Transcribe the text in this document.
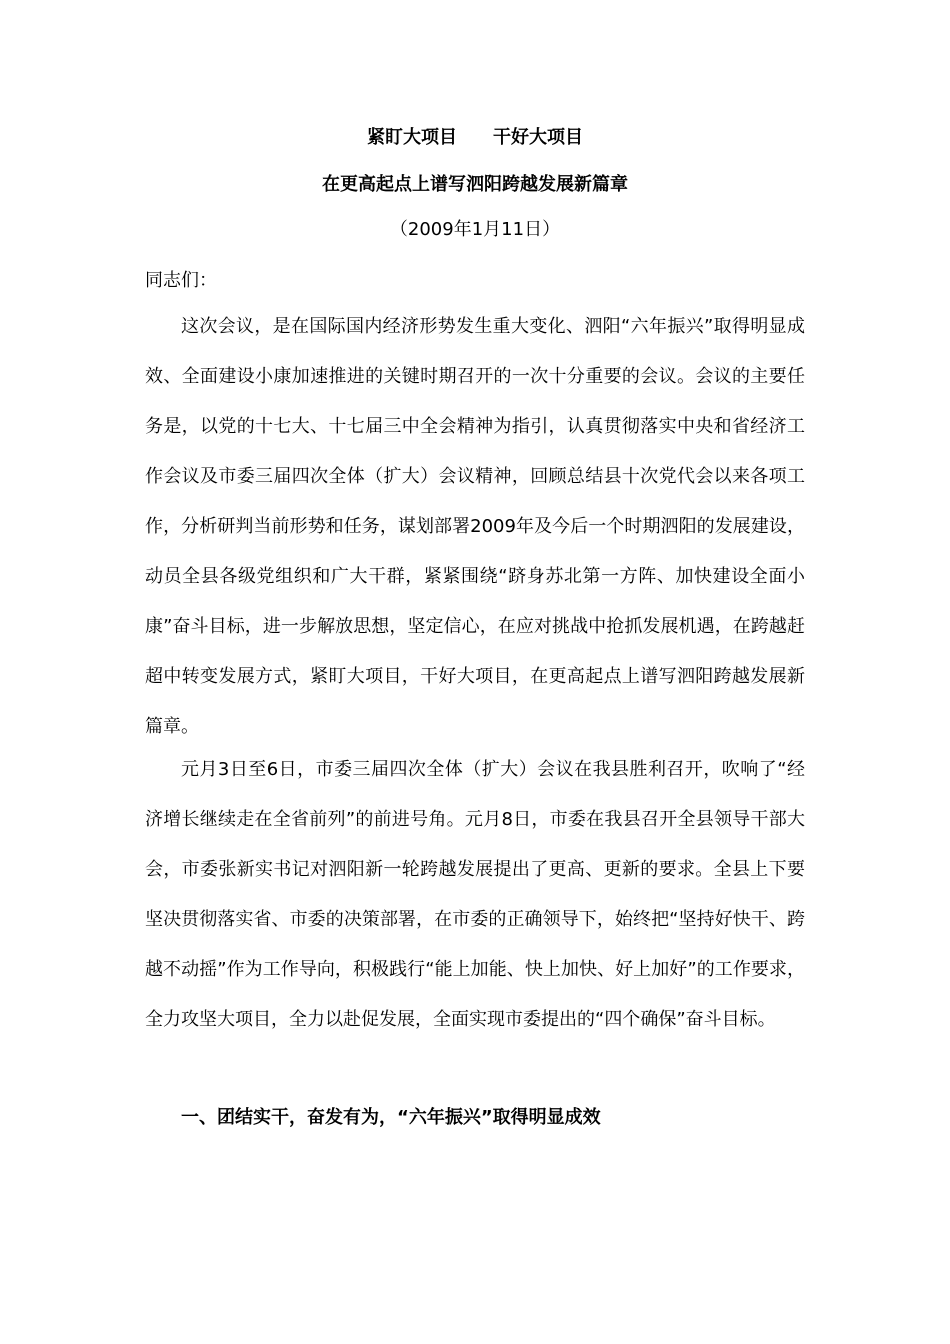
紧盯大项目　　干好大项目
在更高起点上谱写泗阳跨越发展新篇章
（2009年1月11日）
同志们：

这次会议，是在国际国内经济形势发生重大变化、泗阳“六年振兴”取得明显成效、全面建设小康加速推进的关键时期召开的一次十分重要的会议。会议的主要任务是，以党的十七大、十七届三中全会精神为指引，认真贯彻落实中央和省经济工作会议及市委三届四次全体（扩大）会议精神，回顾总结县十次党代会以来各项工作，分析研判当前形势和任务，谋划部署2009年及今后一个时期泗阳的发展建设，动员全县各级党组织和广大干群，紧紧围绕“跻身苏北第一方阵、加快建设全面小康”奋斗目标，进一步解放思想，坚定信心，在应对挑战中抢抓发展机遇，在跨越赶超中转变发展方式，紧盯大项目，干好大项目，在更高起点上谱写泗阳跨越发展新篇章。

元月3日至6日，市委三届四次全体（扩大）会议在我县胜利召开，吹响了“经济增长继续走在全省前列”的前进号角。元月8日，市委在我县召开全县领导干部大会，市委张新实书记对泗阳新一轮跨越发展提出了更高、更新的要求。全县上下要坚决贯彻落实省、市委的决策部署，在市委的正确领导下，始终把“坚持好快干、跨越不动摇”作为工作导向，积极践行“能上加能、快上加快、好上加好”的工作要求，全力攻坚大项目，全力以赴促发展，全面实现市委提出的“四个确保”奋斗目标。

一、团结实干，奋发有为，“六年振兴”取得明显成效
